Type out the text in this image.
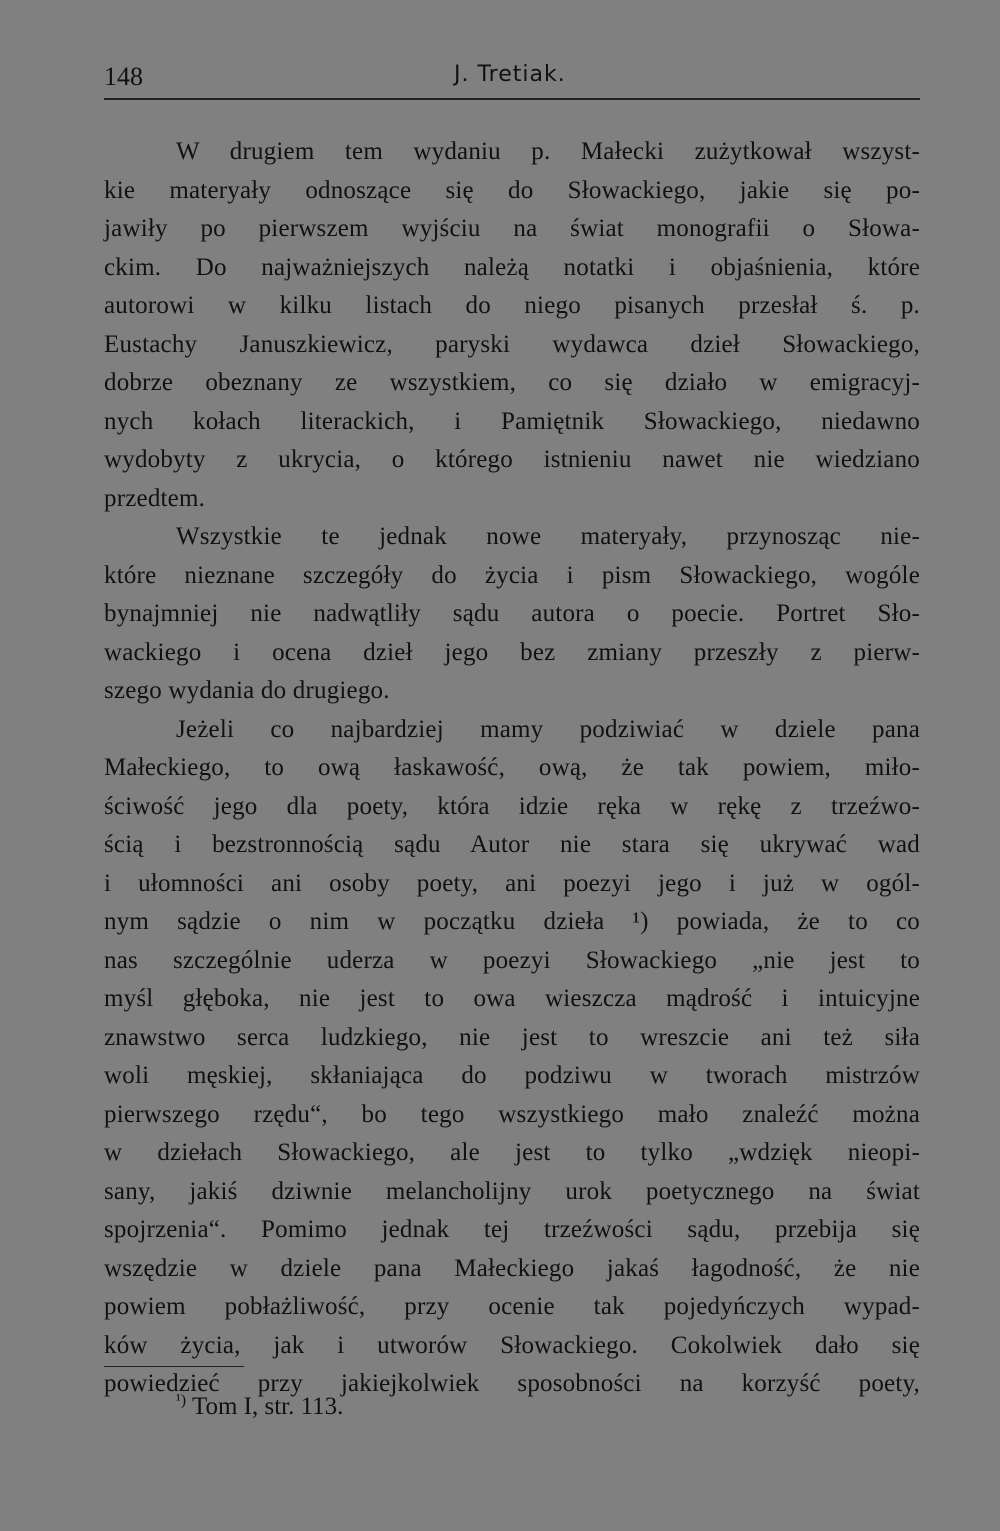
148	J. Tretiak.
W drugiem tem wydaniu p. Małecki zużytkował wszyst-
kie materyały odnoszące się do Słowackiego, jakie się po-
jawiły po pierwszem wyjściu na świat monografii o Słowa-
ckim. Do najważniejszych należą notatki i objaśnienia, które
autorowi w kilku listach do niego pisanych przesłał ś. p.
Eustachy Januszkiewicz, paryski wydawca dzieł Słowackiego,
dobrze obeznany ze wszystkiem, co się działo w emigracyj-
nych kołach literackich, i Pamiętnik Słowackiego, niedawno
wydobyty z ukrycia, o którego istnieniu nawet nie wiedziano
przedtem.
Wszystkie te jednak nowe materyały, przynosząc nie-
które nieznane szczegóły do życia i pism Słowackiego, wogóle
bynajmniej nie nadwątliły sądu autora o poecie. Portret Sło-
wackiego i ocena dzieł jego bez zmiany przeszły z pierw-
szego wydania do drugiego.
Jeżeli co najbardziej mamy podziwiać w dziele pana
Małeckiego, to ową łaskawość, ową, że tak powiem, miło-
ściwość jego dla poety, która idzie ręka w rękę z trzeźwo-
ścią i bezstronnością sądu Autor nie stara się ukrywać wad
i ułomności ani osoby poety, ani poezyi jego i już w ogól-
nym sądzie o nim w początku dzieła ¹) powiada, że to co
nas szczególnie uderza w poezyi Słowackiego „nie jest to
myśl głęboka, nie jest to owa wieszcza mądrość i intuicyjne
znawstwo serca ludzkiego, nie jest to wreszcie ani też siła
woli męskiej, skłaniająca do podziwu w tworach mistrzów
pierwszego rzędu“, bo tego wszystkiego mało znaleźć można
w dziełach Słowackiego, ale jest to tylko „wdzięk nieopi-
sany, jakiś dziwnie melancholijny urok poetycznego na świat
spojrzenia“. Pomimo jednak tej trzeźwości sądu, przebija się
wszędzie w dziele pana Małeckiego jakaś łagodność, że nie
powiem pobłażliwość, przy ocenie tak pojedyńczych wypad-
ków życia, jak i utworów Słowackiego. Cokolwiek dało się
powiedzieć przy jakiejkolwiek sposobności na korzyść poety,
$^{^1)}$ Tom I, str. 113.
